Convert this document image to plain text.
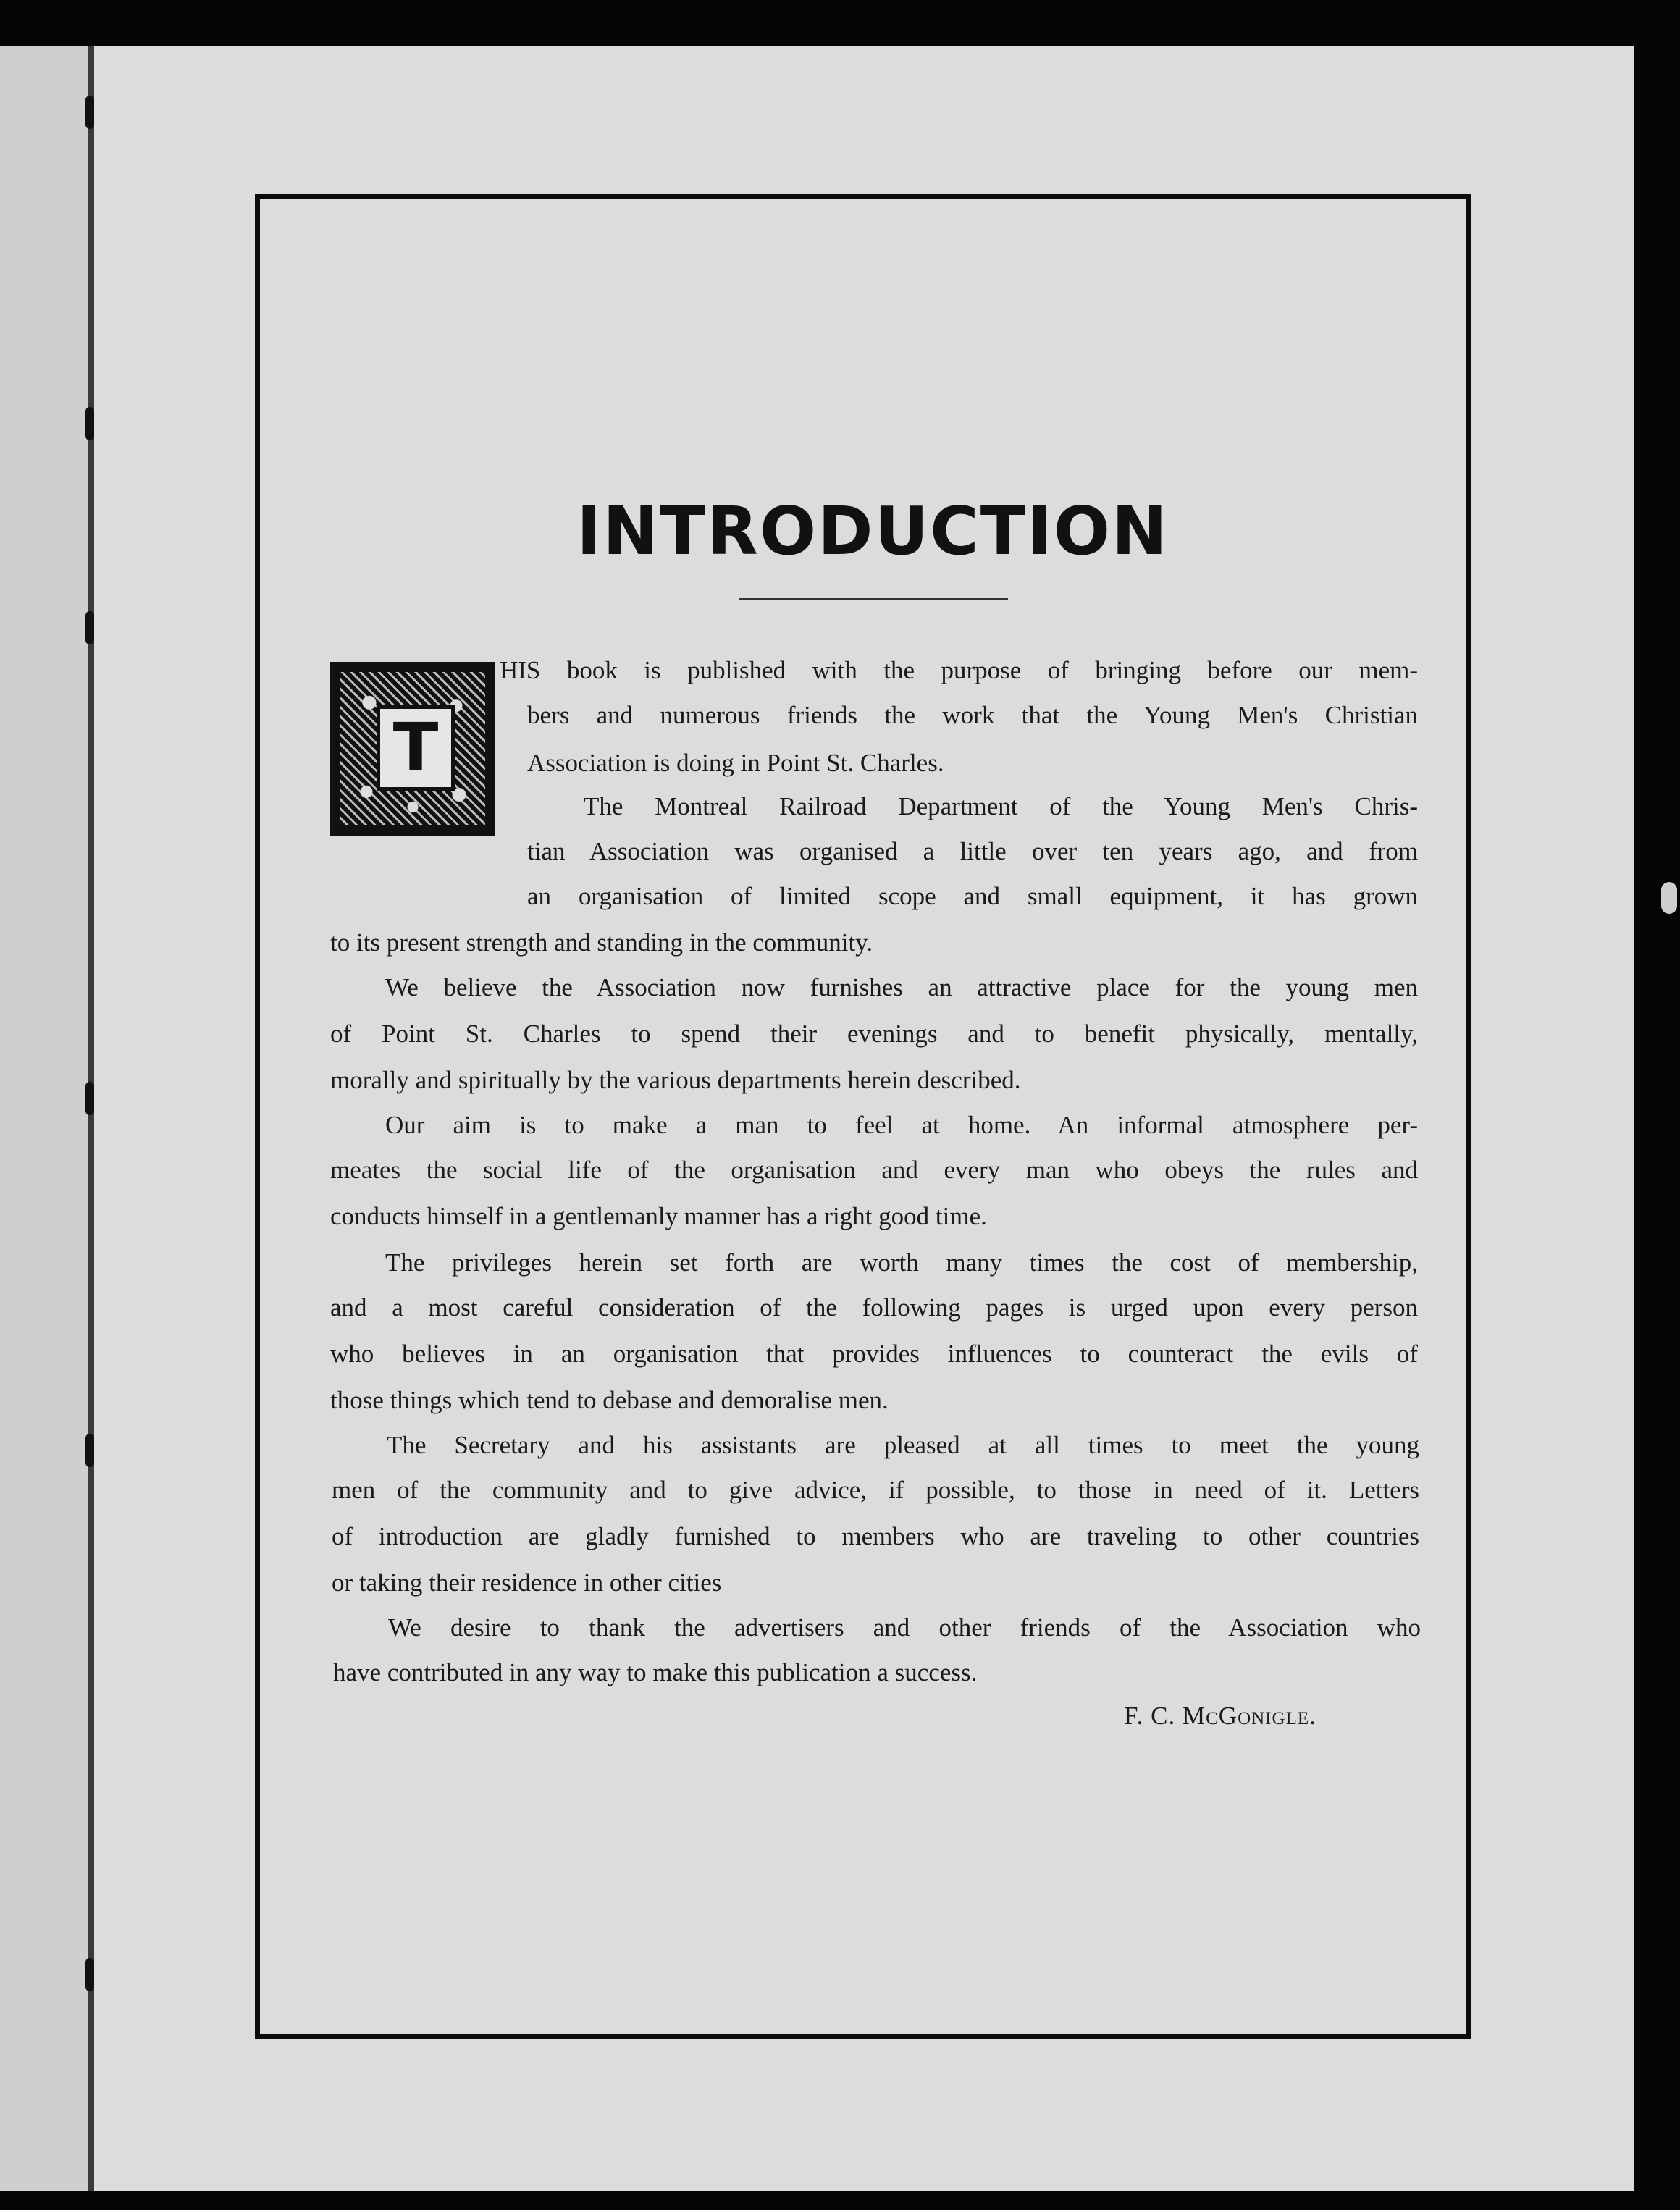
INTRODUCTION
T
HIS book is published with the purpose of bringing before our mem-
bers and numerous friends the work that the Young Men's Christian
Association is doing in Point St. Charles.
The Montreal Railroad Department of the Young Men's Chris-
tian Association was organised a little over ten years ago, and from
an organisation of limited scope and small equipment, it has grown
to its present strength and standing in the community.
We believe the Association now furnishes an attractive place for the young men
of Point St. Charles to spend their evenings and to benefit physically, mentally,
morally and spiritually by the various departments herein described.
Our aim is to make a man to feel at home. An informal atmosphere per-
meates the social life of the organisation and every man who obeys the rules and
conducts himself in a gentlemanly manner has a right good time.
The privileges herein set forth are worth many times the cost of membership,
and a most careful consideration of the following pages is urged upon every person
who believes in an organisation that provides influences to counteract the evils of
those things which tend to debase and demoralise men.
The Secretary and his assistants are pleased at all times to meet the young
men of the community and to give advice, if possible, to those in need of it. Letters
of introduction are gladly furnished to members who are traveling to other countries
or taking their residence in other cities
We desire to thank the advertisers and other friends of the Association who
have contributed in any way to make this publication a success.
F. C. McGonigle.
